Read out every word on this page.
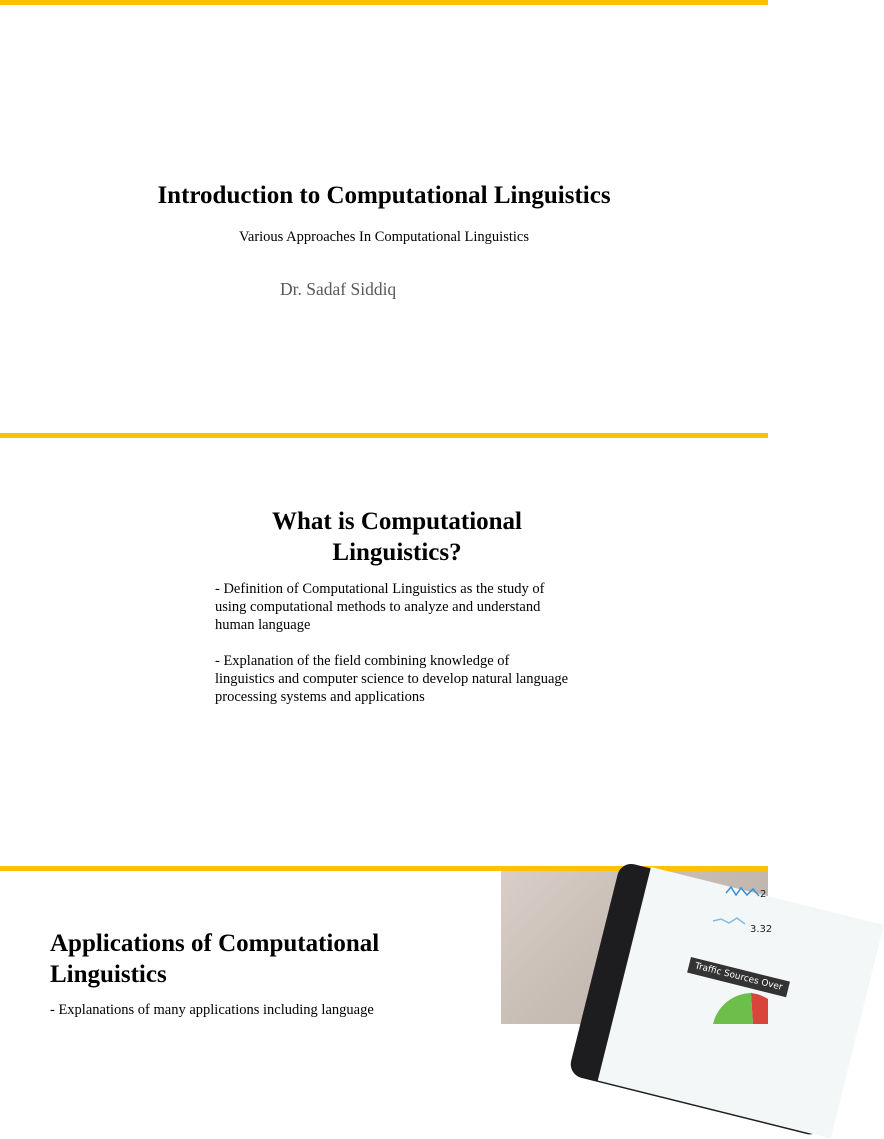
Introduction to Computational Linguistics
Various Approaches In Computational Linguistics
Dr. Sadaf Siddiq
What is Computational Linguistics?

- Definition of Computational Linguistics as the study of using computational methods to analyze and understand human language

- Explanation of the field combining knowledge of linguistics and computer science to develop natural language processing systems and applications

Applications of Computational Linguistics
- Explanations of many applications including language
2
3.32
Traffic Sources Over
